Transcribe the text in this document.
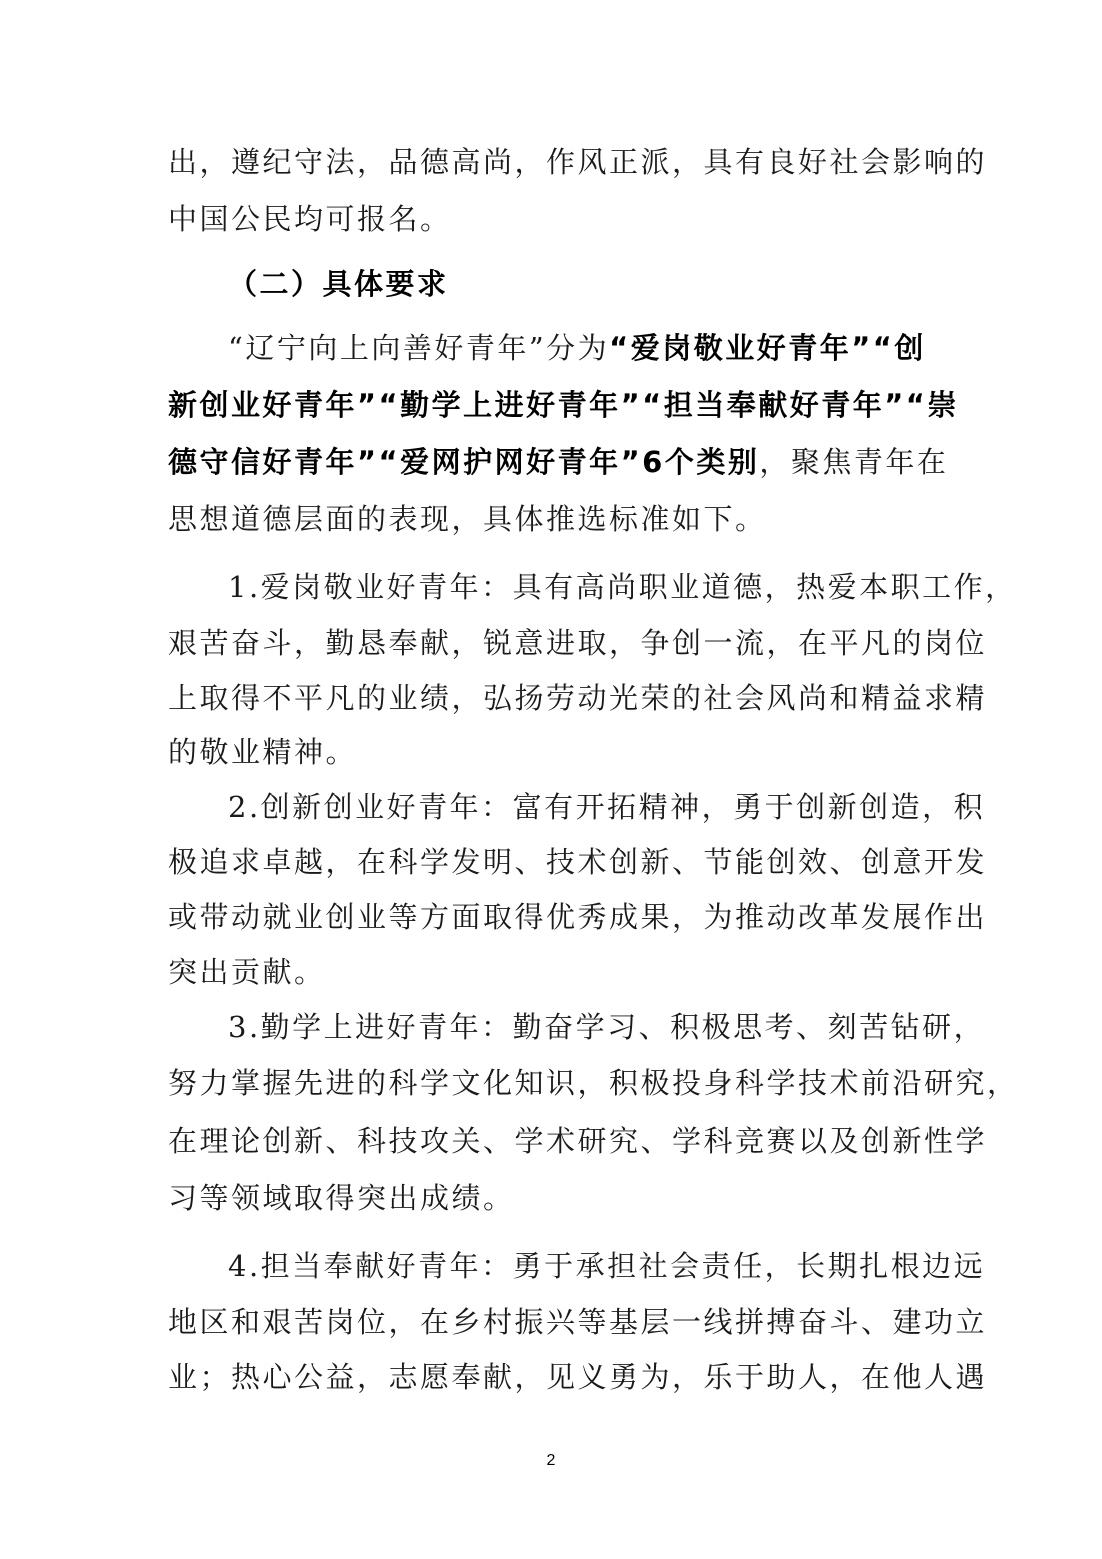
出，遵纪守法，品德高尚，作风正派，具有良好社会影响的

中国公民均可报名。

（二）具体要求

“辽宁向上向善好青年”分为“爱岗敬业好青年”“创

新创业好青年”“勤学上进好青年”“担当奉献好青年”“崇

德守信好青年”“爱网护网好青年”6个类别，聚焦青年在

思想道德层面的表现，具体推选标准如下。

1.爱岗敬业好青年：具有高尚职业道德，热爱本职工作，

艰苦奋斗，勤恳奉献，锐意进取，争创一流，在平凡的岗位

上取得不平凡的业绩，弘扬劳动光荣的社会风尚和精益求精

的敬业精神。

2.创新创业好青年：富有开拓精神，勇于创新创造，积

极追求卓越，在科学发明、技术创新、节能创效、创意开发

或带动就业创业等方面取得优秀成果，为推动改革发展作出

突出贡献。

3.勤学上进好青年：勤奋学习、积极思考、刻苦钻研，

努力掌握先进的科学文化知识，积极投身科学技术前沿研究，

在理论创新、科技攻关、学术研究、学科竞赛以及创新性学

习等领域取得突出成绩。

4.担当奉献好青年：勇于承担社会责任，长期扎根边远

地区和艰苦岗位，在乡村振兴等基层一线拼搏奋斗、建功立

业；热心公益，志愿奉献，见义勇为，乐于助人，在他人遇

2
